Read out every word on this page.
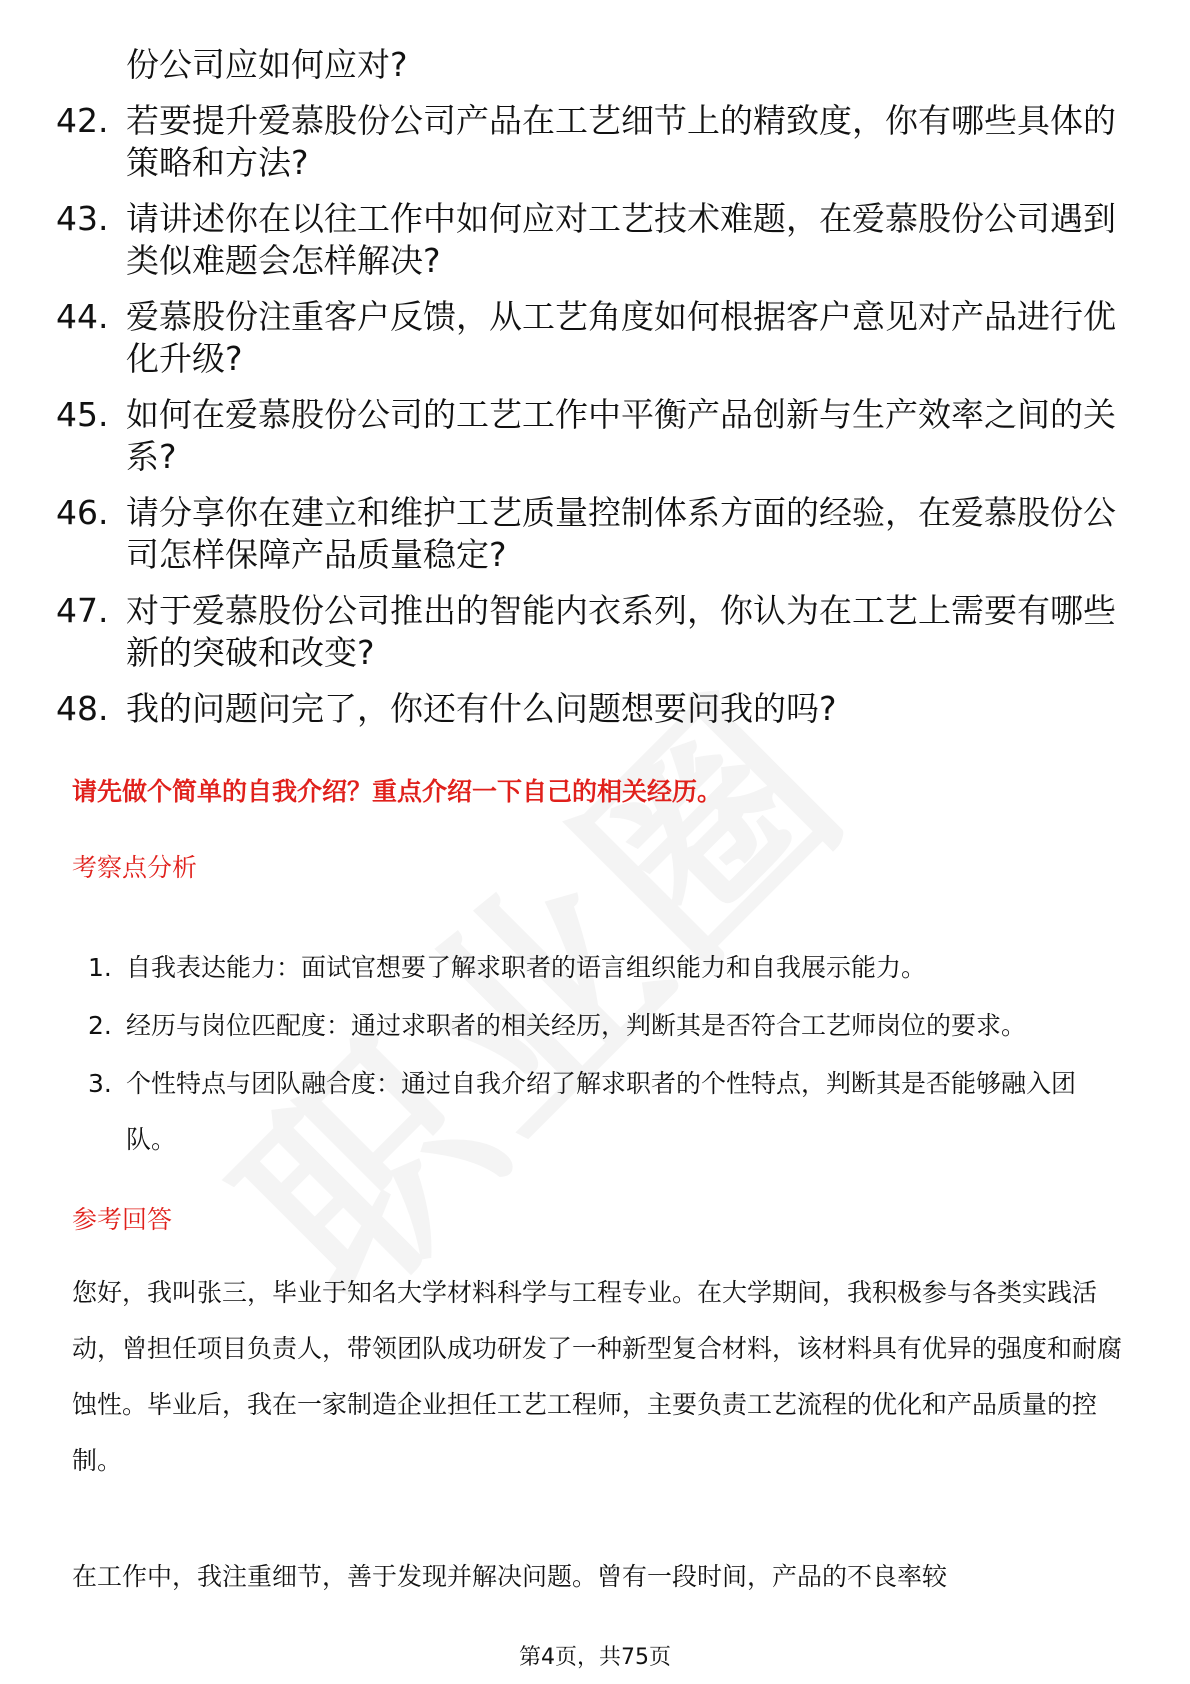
份公司应如何应对?
42. 若要提升爱慕股份公司产品在工艺细节上的精致度，你有哪些具体的策略和方法?
43. 请讲述你在以往工作中如何应对工艺技术难题，在爱慕股份公司遇到类似难题会怎样解决?
44. 爱慕股份注重客户反馈，从工艺角度如何根据客户意见对产品进行优化升级?
45. 如何在爱慕股份公司的工艺工作中平衡产品创新与生产效率之间的关系?
46. 请分享你在建立和维护工艺质量控制体系方面的经验，在爱慕股份公司怎样保障产品质量稳定?
47. 对于爱慕股份公司推出的智能内衣系列，你认为在工艺上需要有哪些新的突破和改变?
48. 我的问题问完了，你还有什么问题想要问我的吗?
请先做个简单的自我介绍？重点介绍一下自己的相关经历。
考察点分析
1. 自我表达能力：面试官想要了解求职者的语言组织能力和自我展示能力。
2. 经历与岗位匹配度：通过求职者的相关经历，判断其是否符合工艺师岗位的要求。
3. 个性特点与团队融合度：通过自我介绍了解求职者的个性特点，判断其是否能够融入团队。
参考回答
您好，我叫张三，毕业于知名大学材料科学与工程专业。在大学期间，我积极参与各类实践活动，曾担任项目负责人，带领团队成功研发了一种新型复合材料，该材料具有优异的强度和耐腐蚀性。毕业后，我在一家制造企业担任工艺工程师，主要负责工艺流程的优化和产品质量的控制。
在工作中，我注重细节，善于发现并解决问题。曾有一段时间，产品的不良率较
第4页，共75页
